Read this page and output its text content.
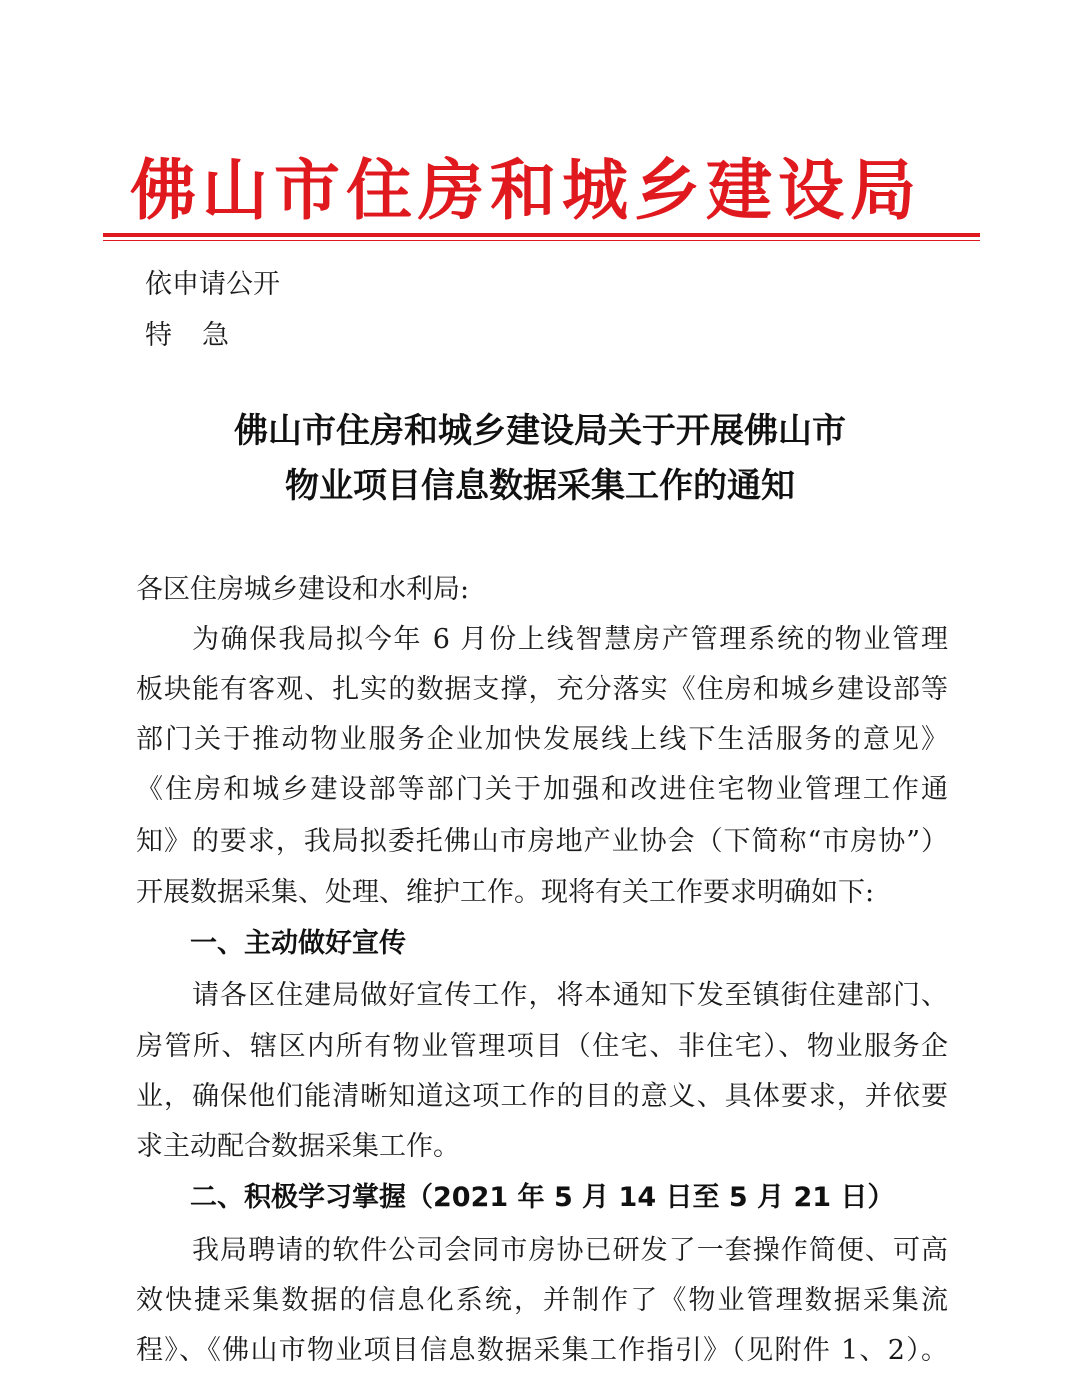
佛山市住房和城乡建设局
依申请公开
特 急
佛山市住房和城乡建设局关于开展佛山市
物业项目信息数据采集工作的通知
各区住房城乡建设和水利局:
为确保我局拟今年 6 月份上线智慧房产管理系统的物业管理
板块能有客观、扎实的数据支撑，充分落实《住房和城乡建设部等
部门关于推动物业服务企业加快发展线上线下生活服务的意见》
《住房和城乡建设部等部门关于加强和改进住宅物业管理工作通
知》的要求，我局拟委托佛山市房地产业协会（下简称“市房协”）
开展数据采集、处理、维护工作。现将有关工作要求明确如下:
一、主动做好宣传
请各区住建局做好宣传工作，将本通知下发至镇街住建部门、
房管所、辖区内所有物业管理项目（住宅、非住宅）、物业服务企
业，确保他们能清晰知道这项工作的目的意义、具体要求，并依要
求主动配合数据采集工作。
二、积极学习掌握（2021 年 5 月 14 日至 5 月 21 日）
我局聘请的软件公司会同市房协已研发了一套操作简便、可高
效快捷采集数据的信息化系统，并制作了《物业管理数据采集流
程》、《佛山市物业项目信息数据采集工作指引》（见附件 1、2）。
